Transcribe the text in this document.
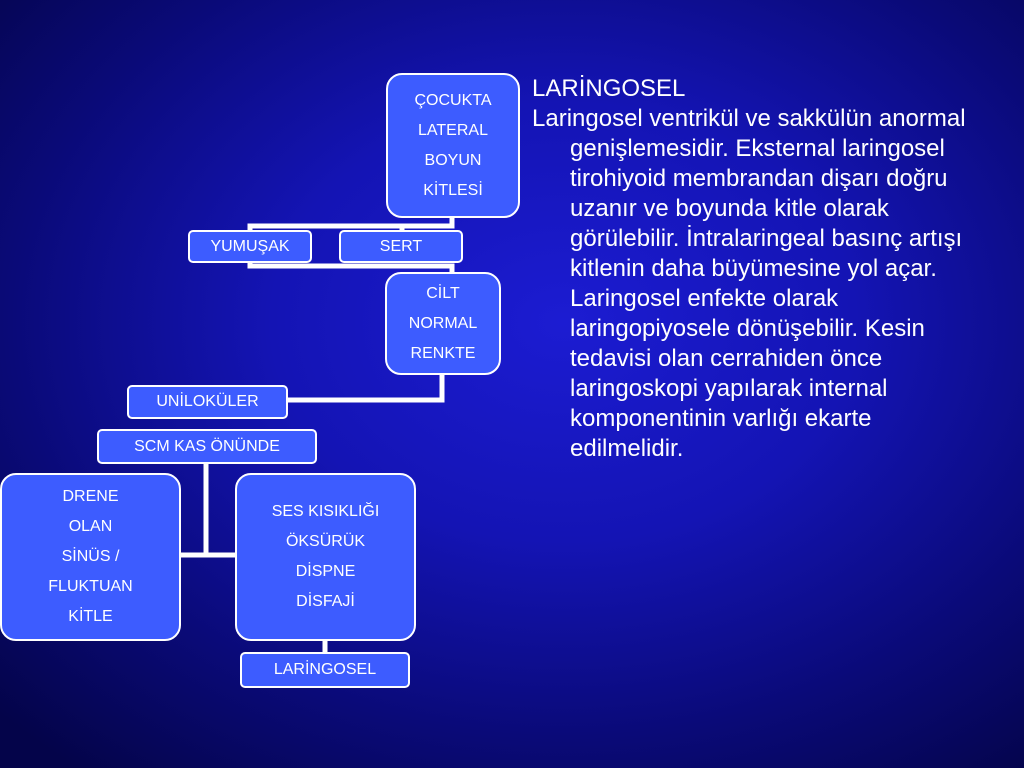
ÇOCUKTA
LATERAL
BOYUN
KİTLESİ
YUMUŞAK	SERT
CİLT
NORMAL
RENKTE
UNİLOKÜLER
SCM KAS ÖNÜNDE
DRENE
OLAN
SİNÜS /
FLUKTUAN
KİTLE
SES KISIKLIĞI
ÖKSÜRÜK
DİSPNE
DİSFAJİ
LARİNGOSEL

LARİNGOSEL

Laringosel ventrikül ve sakkülün anormal genişlemesidir. Eksternal laringosel tirohiyoid membrandan dişarı doğru uzanır ve boyunda kitle olarak görülebilir. İntralaringeal basınç artışı kitlenin daha büyümesine yol açar. Laringosel enfekte olarak laringopiyosele dönüşebilir. Kesin tedavisi olan cerrahiden önce laringoskopi yapılarak internal komponentinin varlığı ekarte edilmelidir.
